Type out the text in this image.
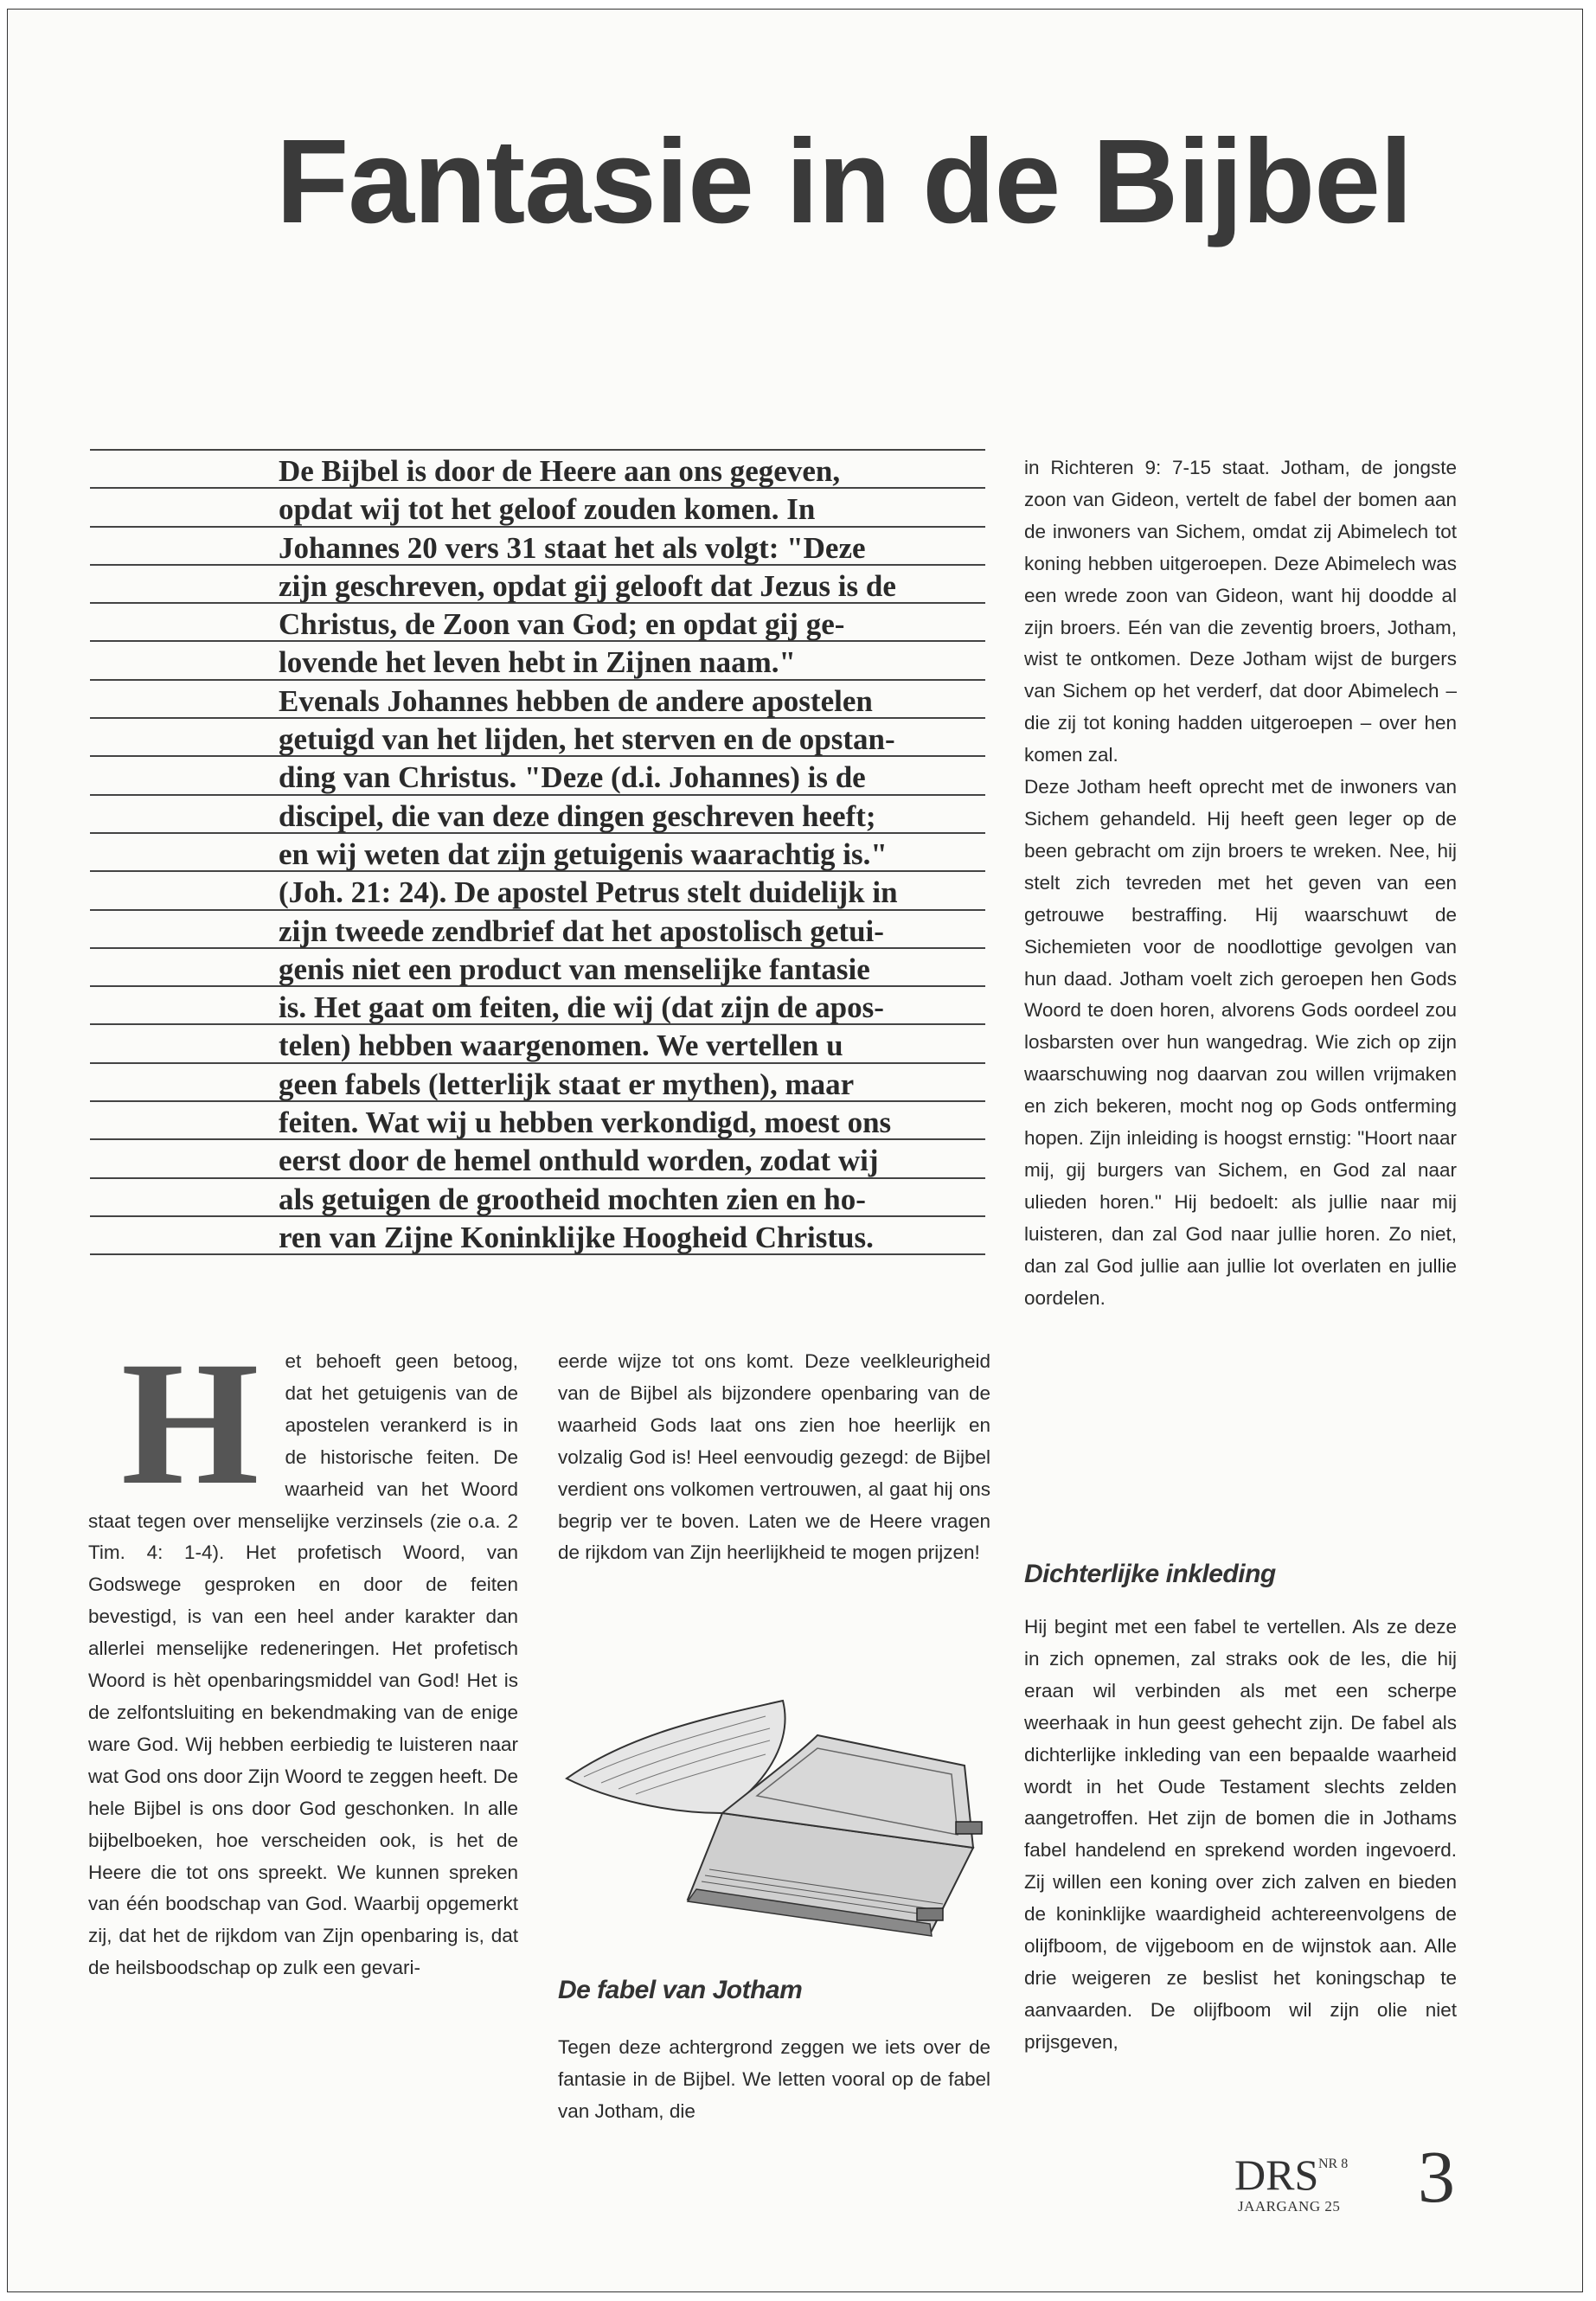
Fantasie in de Bijbel
De Bijbel is door de Heere aan ons gegeven,
opdat wij tot het geloof zouden komen. In
Johannes 20 vers 31 staat het als volgt: "Deze
zijn geschreven, opdat gij gelooft dat Jezus is de
Christus, de Zoon van God; en opdat gij ge-
lovende het leven hebt in Zijnen naam."
Evenals Johannes hebben de andere apostelen
getuigd van het lijden, het sterven en de opstan-
ding van Christus. "Deze (d.i. Johannes) is de
discipel, die van deze dingen geschreven heeft;
en wij weten dat zijn getuigenis waarachtig is."
(Joh. 21: 24). De apostel Petrus stelt duidelijk in
zijn tweede zendbrief dat het apostolisch getui-
genis niet een product van menselijke fantasie
is. Het gaat om feiten, die wij (dat zijn de apos-
telen) hebben waargenomen. We vertellen u
geen fabels (letterlijk staat er mythen), maar
feiten. Wat wij u hebben verkondigd, moest ons
eerst door de hemel onthuld worden, zodat wij
als getuigen de grootheid mochten zien en ho-
ren van Zijne Koninklijke Hoogheid Christus.
H	et behoeft geen betoog, dat het getuigenis van de apostelen verankerd is in de historische feiten. De waarheid van het Woord staat tegen over menselijke verzinsels (zie o.a. 2 Tim. 4: 1-4). Het profetisch Woord, van Godswege gesproken en door de feiten bevestigd, is van een heel ander karakter dan allerlei menselijke redeneringen. Het profetisch Woord is hèt openbaringsmiddel van God! Het is de zelfontsluiting en bekendmaking van de enige ware God. Wij hebben eerbiedig te luisteren naar wat God ons door Zijn Woord te zeggen heeft. De hele Bijbel is ons door God geschonken. In alle bijbelboeken, hoe verscheiden ook, is het de Heere die tot ons spreekt. We kunnen spreken van één boodschap van God. Waarbij opgemerkt zij, dat het de rijkdom van Zijn openbaring is, dat de heilsboodschap op zulk een gevari-

eerde wijze tot ons komt. Deze veelkleurigheid van de Bijbel als bijzondere openbaring van de waarheid Gods laat ons zien hoe heerlijk en volzalig God is! Heel eenvoudig gezegd: de Bijbel verdient ons volkomen vertrouwen, al gaat hij ons begrip ver te boven. Laten we de Heere vragen de rijkdom van Zijn heerlijkheid te mogen prijzen!

De fabel van Jotham

Tegen deze achtergrond zeggen we iets over de fantasie in de Bijbel. We letten vooral op de fabel van Jotham, die

in Richteren 9: 7-15 staat. Jotham, de jongste zoon van Gideon, vertelt de fabel der bomen aan de inwoners van Sichem, omdat zij Abimelech tot koning hebben uitgeroepen. Deze Abimelech was een wrede zoon van Gideon, want hij doodde al zijn broers. Eén van die zeventig broers, Jotham, wist te ontkomen. Deze Jotham wijst de burgers van Sichem op het verderf, dat door Abimelech – die zij tot koning hadden uitgeroepen – over hen komen zal.

Deze Jotham heeft oprecht met de inwoners van Sichem gehandeld. Hij heeft geen leger op de been gebracht om zijn broers te wreken. Nee, hij stelt zich tevreden met het geven van een getrouwe bestraffing. Hij waarschuwt de Sichemieten voor de noodlottige gevolgen van hun daad. Jotham voelt zich geroepen hen Gods Woord te doen horen, alvorens Gods oordeel zou losbarsten over hun wangedrag. Wie zich op zijn waarschuwing nog daarvan zou willen vrijmaken en zich bekeren, mocht nog op Gods ontferming hopen. Zijn inleiding is hoogst ernstig: "Hoort naar mij, gij burgers van Sichem, en God zal naar ulieden horen." Hij bedoelt: als jullie naar mij luisteren, dan zal God naar jullie horen. Zo niet, dan zal God jullie aan jullie lot overlaten en jullie oordelen.

Dichterlijke inkleding

Hij begint met een fabel te vertellen. Als ze deze in zich opnemen, zal straks ook de les, die hij eraan wil verbinden als met een scherpe weerhaak in hun geest gehecht zijn. De fabel als dichterlijke inkleding van een bepaalde waarheid wordt in het Oude Testament slechts zelden aangetroffen. Het zijn de bomen die in Jothams fabel handelend en sprekend worden ingevoerd. Zij willen een koning over zich zalven en bieden de koninklijke waardigheid achtereenvolgens de olijfboom, de vijgeboom en de wijnstok aan. Alle drie weigeren ze beslist het koningschap te aanvaarden. De olijfboom wil zijn olie niet prijsgeven,

DRS NR 8
JAARGANG 25 3
